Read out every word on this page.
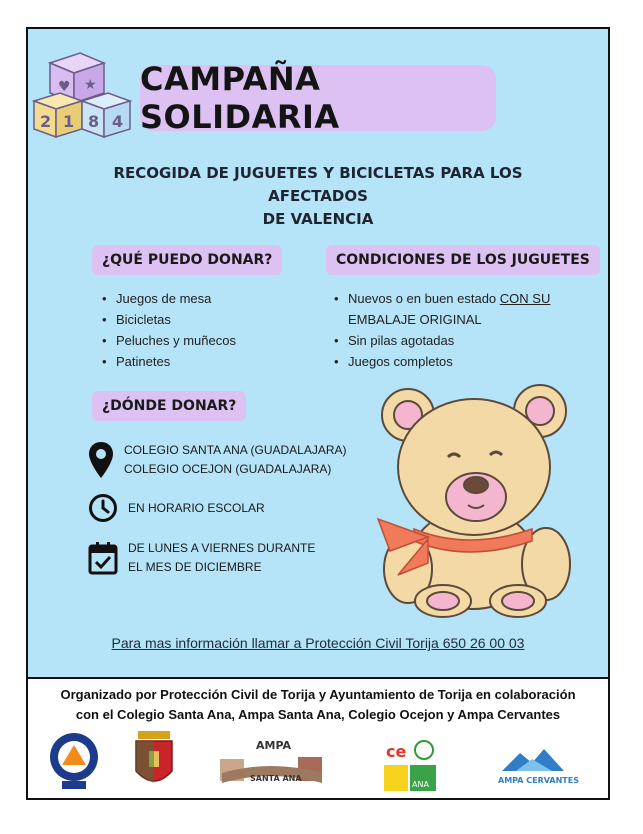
♥ ★
2 1 8 4
CAMPAÑA SOLIDARIA
RECOGIDA DE JUGUETES Y BICICLETAS PARA LOS AFECTADOS
DE VALENCIA
¿QUÉ PUEDO DONAR?
• Juegos de mesa
• Bicicletas
• Peluches y muñecos
• Patinetes
CONDICIONES DE LOS JUGUETES
• Nuevos o en buen estado CON SU
EMBALAJE ORIGINAL
• Sin pilas agotadas
• Juegos completos
¿DÓNDE DONAR?
COLEGIO SANTA ANA (GUADALAJARA)
COLEGIO OCEJON (GUADALAJARA)
EN HORARIO ESCOLAR
DE LUNES A VIERNES DURANTE
EL MES DE DICIEMBRE
Para mas información llamar a Protección Civil Torija 650 26 00 03
Organizado por Protección Civil de Torija y Ayuntamiento de Torija en colaboración
con el Colegio Santa Ana, Ampa Santa Ana, Colegio Ocejon y Ampa Cervantes
AMPA
SANTA ANA
ce
ANA	AMPA CERVANTES
